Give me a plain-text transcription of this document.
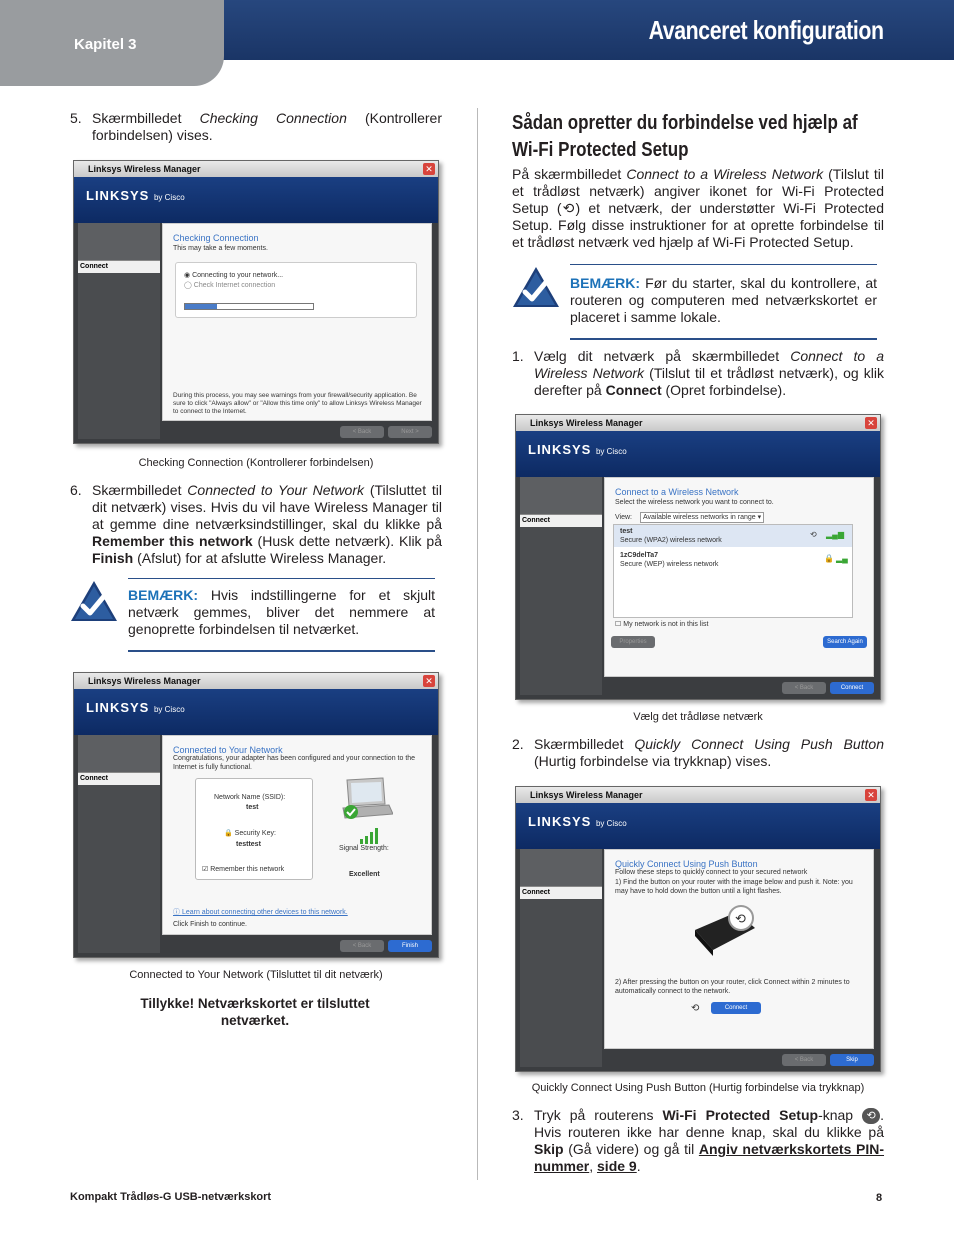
Kapitel 3	Avanceret konfiguration
5. Skærmbilledet Checking Connection (Kontrollerer forbindelsen) vises.
Linksys Wireless Manager	✕
LINKSYS by Cisco
Connect
Checking Connection
This may take a few moments.
◉ Connecting to your network...
◯ Check Internet connection
During this process, you may see warnings from your firewall/security application. Be sure to click "Always allow" or "Allow this time only" to allow Linksys Wireless Manager to connect to the Internet.
< Back	Next >
Checking Connection (Kontrollerer forbindelsen)
6. Skærmbilledet Connected to Your Network (Tilsluttet til dit netværk) vises. Hvis du vil have Wireless Manager til at gemme dine netværksindstillinger, skal du klikke på Remember this network (Husk dette netværk). Klik på Finish (Afslut) for at afslutte Wireless Manager.

BEMÆRK: Hvis indstillingerne for et skjult netværk gemmes, bliver det nemmere at genoprette forbindelsen til netværket.

Linksys Wireless Manager	✕
LINKSYS by Cisco
Connect
Connected to Your Network
Congratulations, your adapter has been configured and your connection to the Internet is fully functional.
Network Name (SSID):
test
🔒 Security Key:
testtest
☑ Remember this network
Signal Strength:
Excellent
ⓘ Learn about connecting other devices to this network.
Click Finish to continue.
< Back	Finish
Connected to Your Network (Tilsluttet til dit netværk)
Tillykke! Netværkskortet er tilsluttet netværket.
Sådan opretter du forbindelse ved hjælp af Wi-Fi Protected Setup

På skærmbilledet Connect to a Wireless Network (Tilslut til et trådløst netværk) angiver ikonet for Wi-Fi Protected Setup (⟲) et netværk, der understøtter Wi-Fi Protected Setup. Følg disse instruktioner for at oprette forbindelse til et trådløst netværk ved hjælp af Wi-Fi Protected Setup.

BEMÆRK: Før du starter, skal du kontrollere, at routeren og computeren med netværkskortet er placeret i samme lokale.

1. Vælg dit netværk på skærmbilledet Connect to a Wireless Network (Tilslut til et trådløst netværk), og klik derefter på Connect (Opret forbindelse).
Linksys Wireless Manager	✕
LINKSYS by Cisco
Connect
Connect to a Wireless Network
Select the wireless network you want to connect to.
View: Available wireless networks in range ▾
test
Secure (WPA2) wireless network
⟲ ▂▄▆
1zC9delTa7
Secure (WEP) wireless network
🔒 ▂▄
☐ My network is not in this list
Properties	Search Again
< Back	Connect
Vælg det trådløse netværk
2. Skærmbilledet Quickly Connect Using Push Button (Hurtig forbindelse via trykknap) vises.
Linksys Wireless Manager	✕
LINKSYS by Cisco
Connect
Quickly Connect Using Push Button
Follow these steps to quickly connect to your secured network
1) Find the button on your router with the image below and push it. Note: you may have to hold down the button until a light flashes.
⟲
2) After pressing the button on your router, click Connect within 2 minutes to automatically connect to the network.
⟲	Connect
< Back	Skip
Quickly Connect Using Push Button (Hurtig forbindelse via trykknap)
3. Tryk på routerens Wi-Fi Protected Setup-knap ⟲ . Hvis routeren ikke har denne knap, skal du klikke på Skip (Gå videre) og gå til Angiv netværkskortets PIN-nummer, side 9.
Kompakt Trådløs-G USB-netværkskort	8
